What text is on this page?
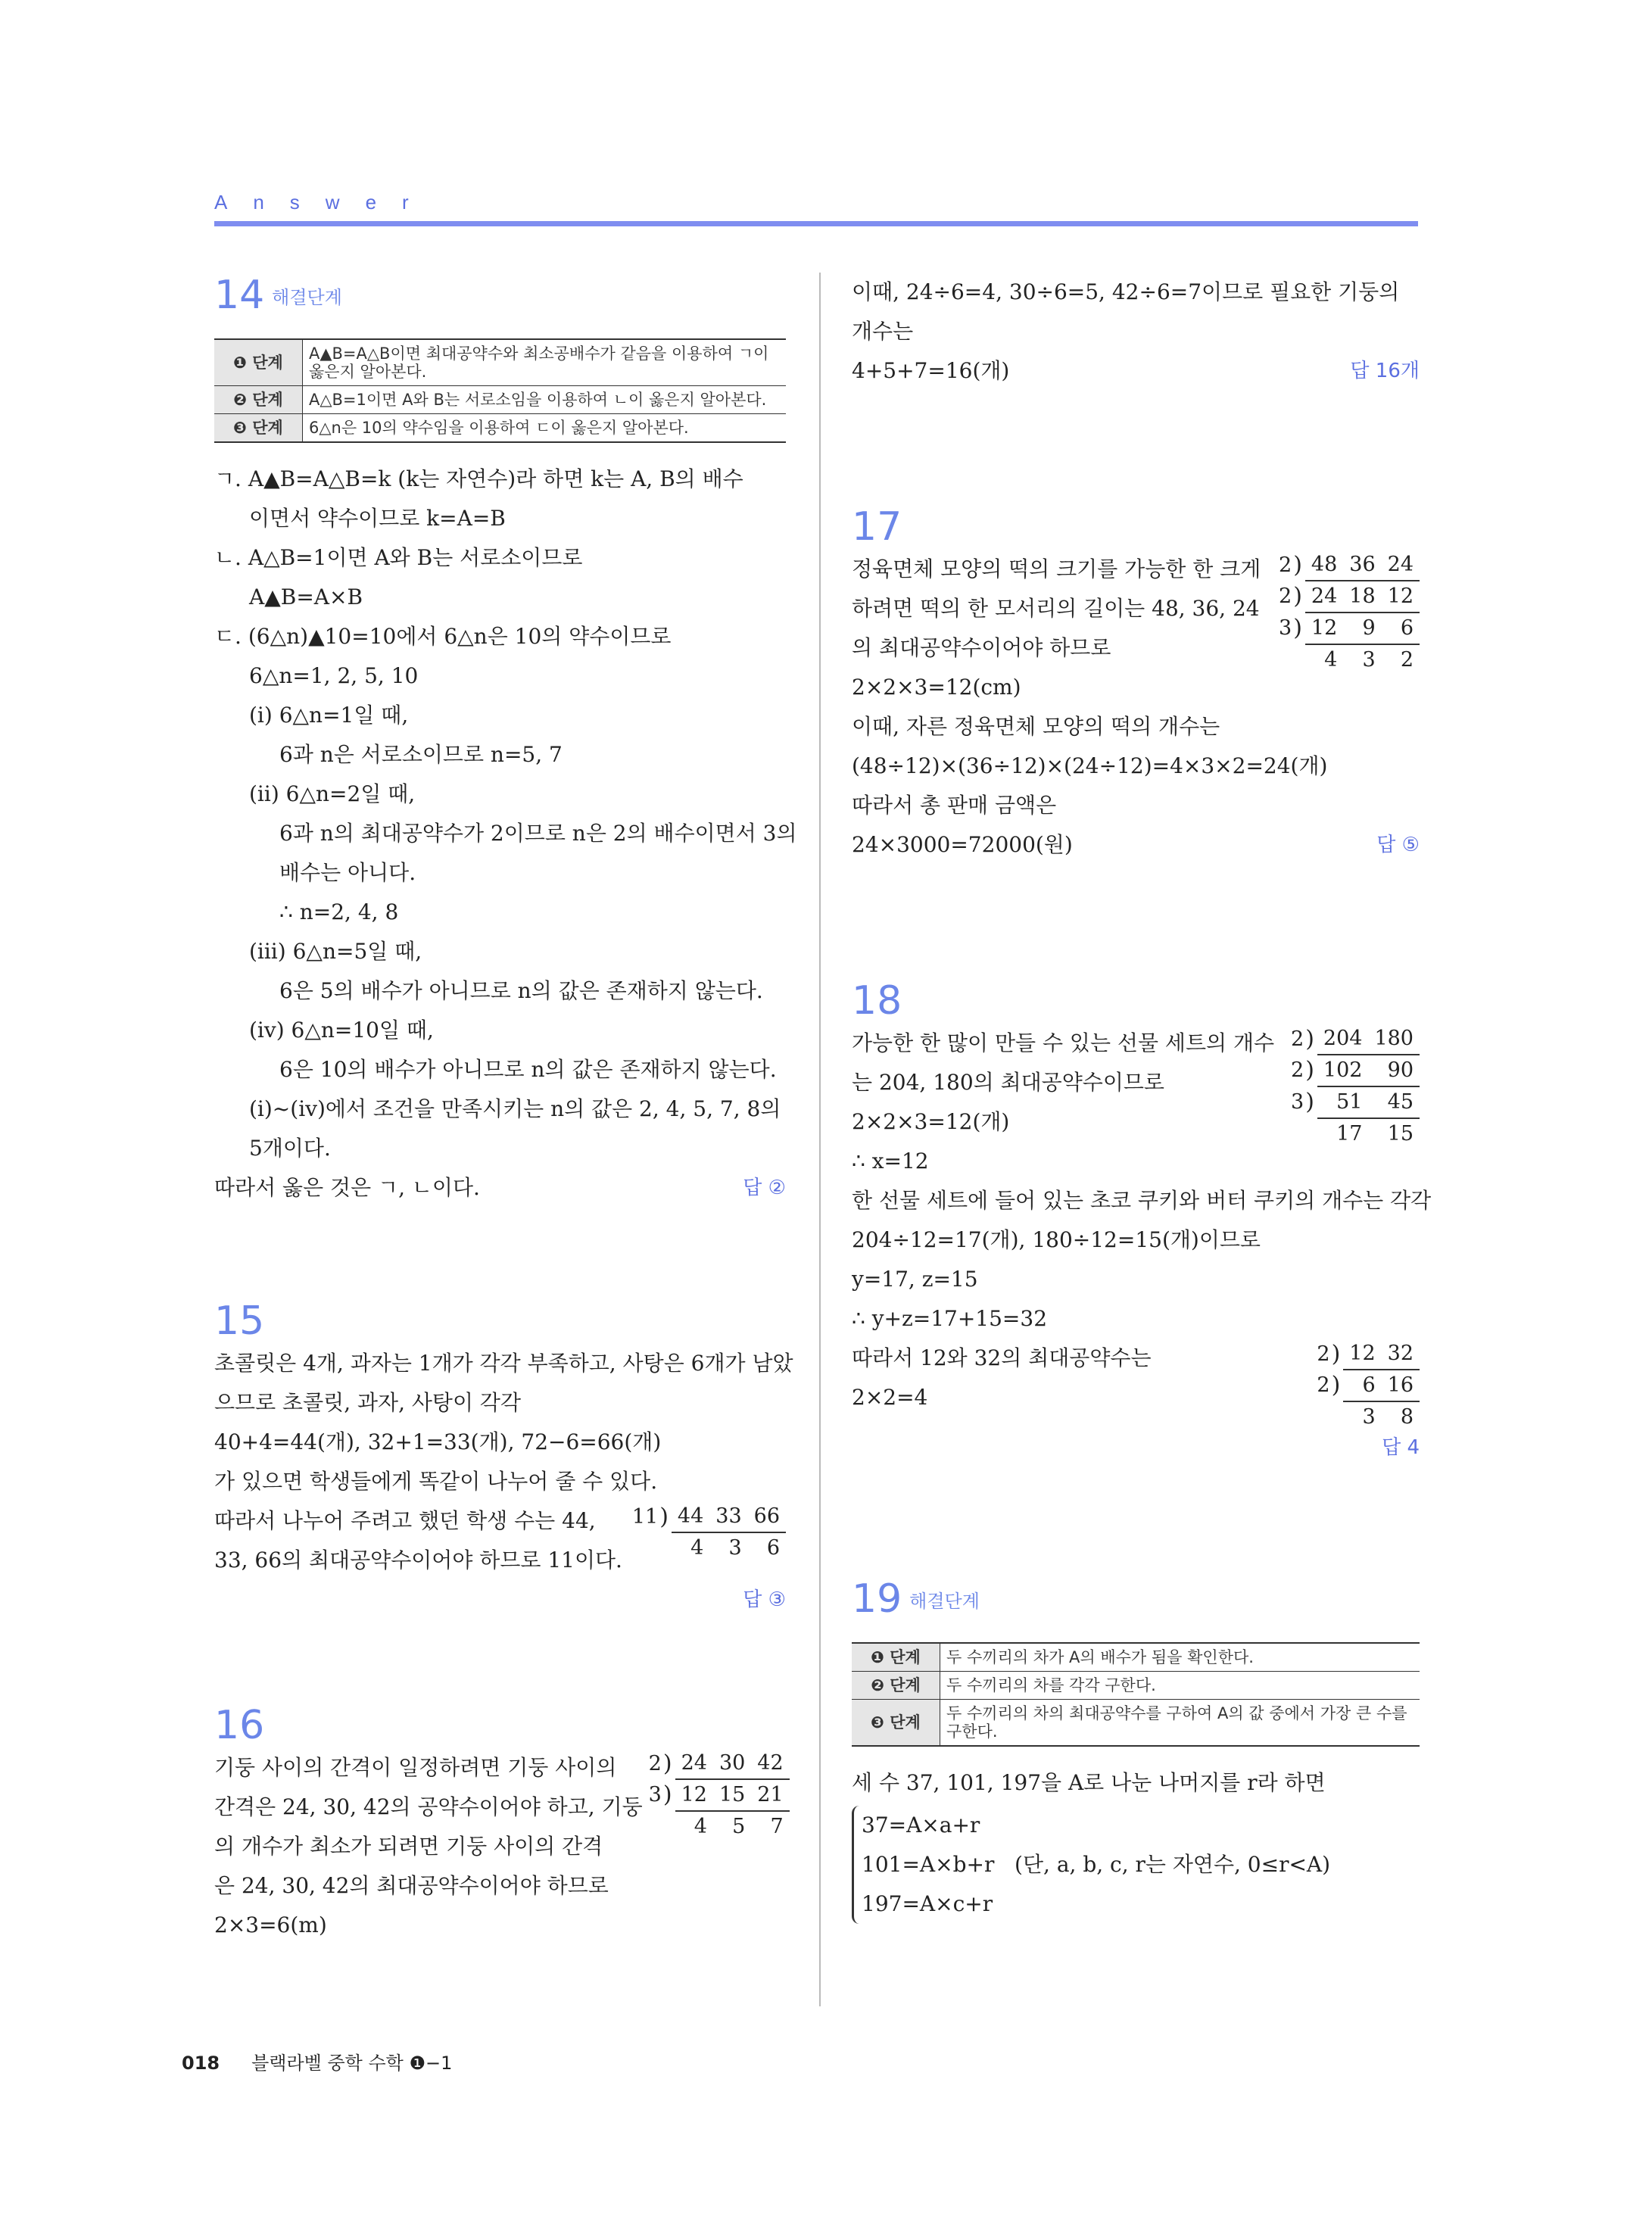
Answer
14 해결단계
❶ 단계	A▲B=A△B이면 최대공약수와 최소공배수가 같음을 이용하여 ㄱ이 옳은지 알아본다.
❷ 단계	A△B=1이면 A와 B는 서로소임을 이용하여 ㄴ이 옳은지 알아본다.
❸ 단계	6△n은 10의 약수임을 이용하여 ㄷ이 옳은지 알아본다.
ㄱ. A▲B=A△B=k (k는 자연수)라 하면 k는 A, B의 배수
이면서 약수이므로 k=A=B
ㄴ. A△B=1이면 A와 B는 서로소이므로
A▲B=A×B
ㄷ. (6△n)▲10=10에서 6△n은 10의 약수이므로
6△n=1, 2, 5, 10
(ⅰ) 6△n=1일 때,
6과 n은 서로소이므로 n=5, 7
(ⅱ) 6△n=2일 때,
6과 n의 최대공약수가 2이므로 n은 2의 배수이면서 3의
배수는 아니다.
∴ n=2, 4, 8
(ⅲ) 6△n=5일 때,
6은 5의 배수가 아니므로 n의 값은 존재하지 않는다.
(ⅳ) 6△n=10일 때,
6은 10의 배수가 아니므로 n의 값은 존재하지 않는다.
(ⅰ)~(ⅳ)에서 조건을 만족시키는 n의 값은 2, 4, 5, 7, 8의
5개이다.
따라서 옳은 것은 ㄱ, ㄴ이다.	답 ②
15
초콜릿은 4개, 과자는 1개가 각각 부족하고, 사탕은 6개가 남았
으므로 초콜릿, 과자, 사탕이 각각
40+4=44(개), 32+1=33(개), 72−6=66(개)
가 있으면 학생들에게 똑같이 나누어 줄 수 있다.
따라서 나누어 주려고 했던 학생 수는 44,
33, 66의 최대공약수이어야 하므로 11이다.
11	)	44	33	66
		4	3	6
답 ③
16
기둥 사이의 간격이 일정하려면 기둥 사이의
간격은 24, 30, 42의 공약수이어야 하고, 기둥
의 개수가 최소가 되려면 기둥 사이의 간격
은 24, 30, 42의 최대공약수이어야 하므로
2×3=6(m)
2	)	24	30	42
3	)	12	15	21
		4	5	7
이때, 24÷6=4, 30÷6=5, 42÷6=7이므로 필요한 기둥의
개수는
4+5+7=16(개)	답 16개
17
정육면체 모양의 떡의 크기를 가능한 한 크게
하려면 떡의 한 모서리의 길이는 48, 36, 24
의 최대공약수이어야 하므로
2×2×3=12(cm)
2	)	48	36	24
2	)	24	18	12
3	)	12	9	6
		4	3	2
이때, 자른 정육면체 모양의 떡의 개수는
(48÷12)×(36÷12)×(24÷12)=4×3×2=24(개)
따라서 총 판매 금액은
24×3000=72000(원)	답 ⑤
18
가능한 한 많이 만들 수 있는 선물 세트의 개수
는 204, 180의 최대공약수이므로
2×2×3=12(개)
∴ x=12
2	)	204	180
2	)	102	90
3	)	51	45
		17	15
한 선물 세트에 들어 있는 초코 쿠키와 버터 쿠키의 개수는 각각
204÷12=17(개), 180÷12=15(개)이므로
y=17, z=15
∴ y+z=17+15=32
따라서 12와 32의 최대공약수는
2×2=4
2	)	12	32
2	)	6	16
		3	8
답 4
19 해결단계
❶ 단계	두 수끼리의 차가 A의 배수가 됨을 확인한다.
❷ 단계	두 수끼리의 차를 각각 구한다.
❸ 단계	두 수끼리의 차의 최대공약수를 구하여 A의 값 중에서 가장 큰 수를 구한다.
세 수 37, 101, 197을 A로 나눈 나머지를 r라 하면
37=A×a+r
101=A×b+r   (단, a, b, c, r는 자연수, 0≤r<A)
197=A×c+r
018 블랙라벨 중학 수학 ❶−1
